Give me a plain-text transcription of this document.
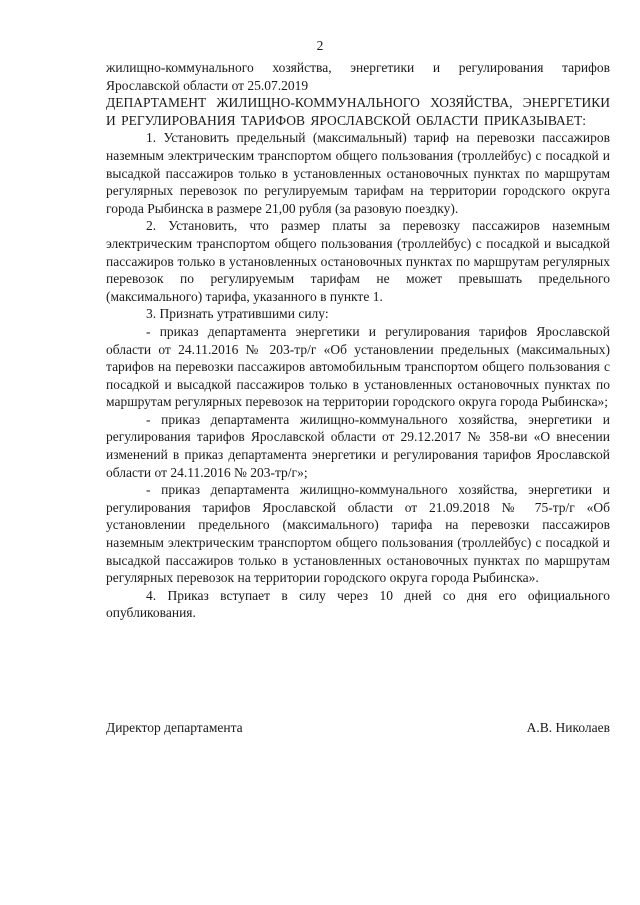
2

жилищно-коммунального хозяйства, энергетики и регулирования тарифов Ярославской области от 25.07.2019

ДЕПАРТАМЕНТ ЖИЛИЩНО-КОММУНАЛЬНОГО ХОЗЯЙСТВА, ЭНЕРГЕТИКИ И РЕГУЛИРОВАНИЯ ТАРИФОВ ЯРОСЛАВСКОЙ ОБЛАСТИ ПРИКАЗЫВАЕТ:

1. Установить предельный (максимальный) тариф на перевозки пассажиров наземным электрическим транспортом общего пользования (троллейбус) с посадкой и высадкой пассажиров только в установленных остановочных пунктах по маршрутам регулярных перевозок по регулируемым тарифам на территории городского округа города Рыбинска в размере 21,00 рубля (за разовую поездку).

2. Установить, что размер платы за перевозку пассажиров наземным электрическим транспортом общего пользования (троллейбус) с посадкой и высадкой пассажиров только в установленных остановочных пунктах по маршрутам регулярных перевозок по регулируемым тарифам не может превышать предельного (максимального) тарифа, указанного в пункте 1.

3. Признать утратившими силу:

- приказ департамента энергетики и регулирования тарифов Ярославской области от 24.11.2016 № 203-тр/г «Об установлении предельных (максимальных) тарифов на перевозки пассажиров автомобильным транспортом общего пользования с посадкой и высадкой пассажиров только в установленных остановочных пунктах по маршрутам регулярных перевозок на территории городского округа города Рыбинска»;

- приказ департамента жилищно-коммунального хозяйства, энергетики и регулирования тарифов Ярославской области от 29.12.2017 № 358-ви «О внесении изменений в приказ департамента энергетики и регулирования тарифов Ярославской области от 24.11.2016 № 203-тр/г»;

- приказ департамента жилищно-коммунального хозяйства, энергетики и регулирования тарифов Ярославской области от 21.09.2018 № 75-тр/г «Об установлении предельного (максимального) тарифа на перевозки пассажиров наземным электрическим транспортом общего пользования (троллейбус) с посадкой и высадкой пассажиров только в установленных остановочных пунктах по маршрутам регулярных перевозок на территории городского округа города Рыбинска».

4. Приказ вступает в силу через 10 дней со дня его официального опубликования.

Директор департамента	А.В. Николаев
